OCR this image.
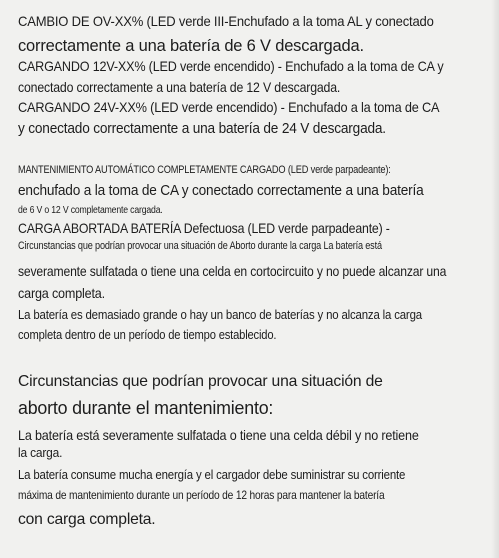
CAMBIO DE OV-XX% (LED verde III-Enchufado a la toma AL y conectado
correctamente a una batería de 6 V descargada.
CARGANDO 12V-XX% (LED verde encendido) - Enchufado a la toma de CA y
conectado correctamente a una batería de 12 V descargada.
CARGANDO 24V-XX% (LED verde encendido) - Enchufado a la toma de CA
y conectado correctamente a una batería de 24 V descargada.
MANTENIMIENTO AUTOMÁTICO COMPLETAMENTE CARGADO (LED verde parpadeante):
enchufado a la toma de CA y conectado correctamente a una batería
de 6 V o 12 V completamente cargada.
CARGA ABORTADA BATERÍA Defectuosa (LED verde parpadeante) -
Circunstancias que podrían provocar una situación de Aborto durante la carga La batería está
severamente sulfatada o tiene una celda en cortocircuito y no puede alcanzar una
carga completa.
La batería es demasiado grande o hay un banco de baterías y no alcanza la carga
completa dentro de un período de tiempo establecido.
Circunstancias que podrían provocar una situación de
aborto durante el mantenimiento:
La batería está severamente sulfatada o tiene una celda débil y no retiene
la carga.
La batería consume mucha energía y el cargador debe suministrar su corriente
máxima de mantenimiento durante un período de 12 horas para mantener la batería
con carga completa.
